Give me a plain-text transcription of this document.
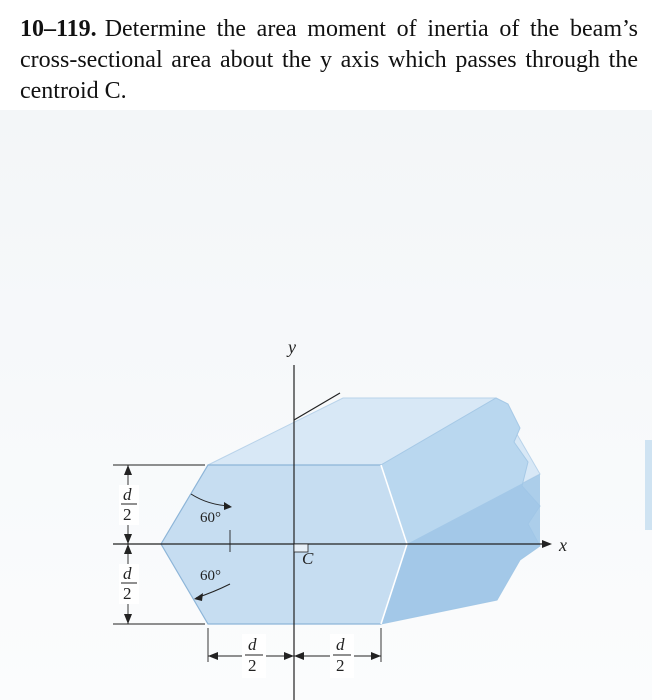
10–119. Determine the area moment of inertia of the beam’s cross-sectional area about the y axis which passes through the centroid C.
y
x
C
60°
60°
d
2
d
2
d
2
d
2
